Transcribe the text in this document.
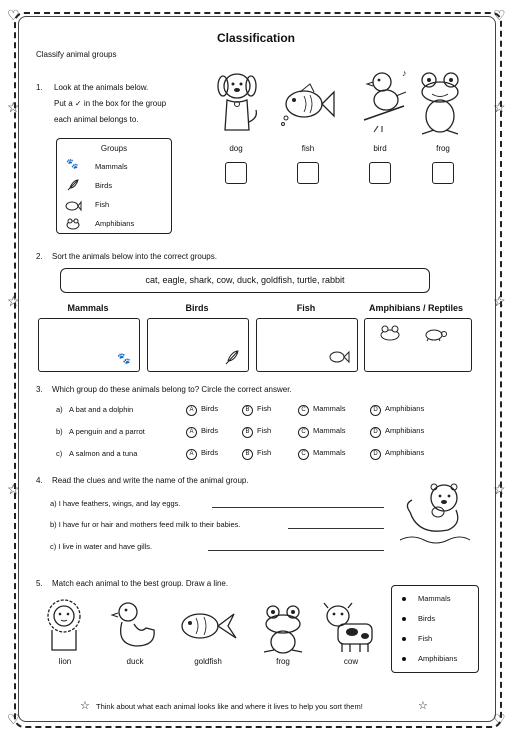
♡	♡
♡	♡
☆	☆
☆	☆
☆	☆
Classification
Classify animal groups
1. Look at the animals below.
Put a ✓ in the box for the group
each animal belongs to.
Groups
🐾 Mammals
Birds
Fish
Amphibians
♪
dog	fish	bird	frog
2. Sort the animals below into the correct groups.
cat, eagle, shark, cow, duck, goldfish, turtle, rabbit
Mammals	Birds	Fish	Amphibians / Reptiles
🐾
3. Which group do these animals belong to? Circle the correct answer.
a) A bat and a dolphin	A Birds	B Fish	C Mammals	D Amphibians
b) A penguin and a parrot	A Birds	B Fish	C Mammals	D Amphibians
c) A salmon and a tuna	A Birds	B Fish	C Mammals	D Amphibians
4. Read the clues and write the name of the animal group.
a) I have feathers, wings, and lay eggs.
b) I have fur or hair and mothers feed milk to their babies.
c) I live in water and have gills.
5. Match each animal to the best group. Draw a line.
lion	duck	goldfish	frog	cow
Mammals
Birds
Fish
Amphibians
☆ Think about what each animal looks like and where it lives to help you sort them!	☆
